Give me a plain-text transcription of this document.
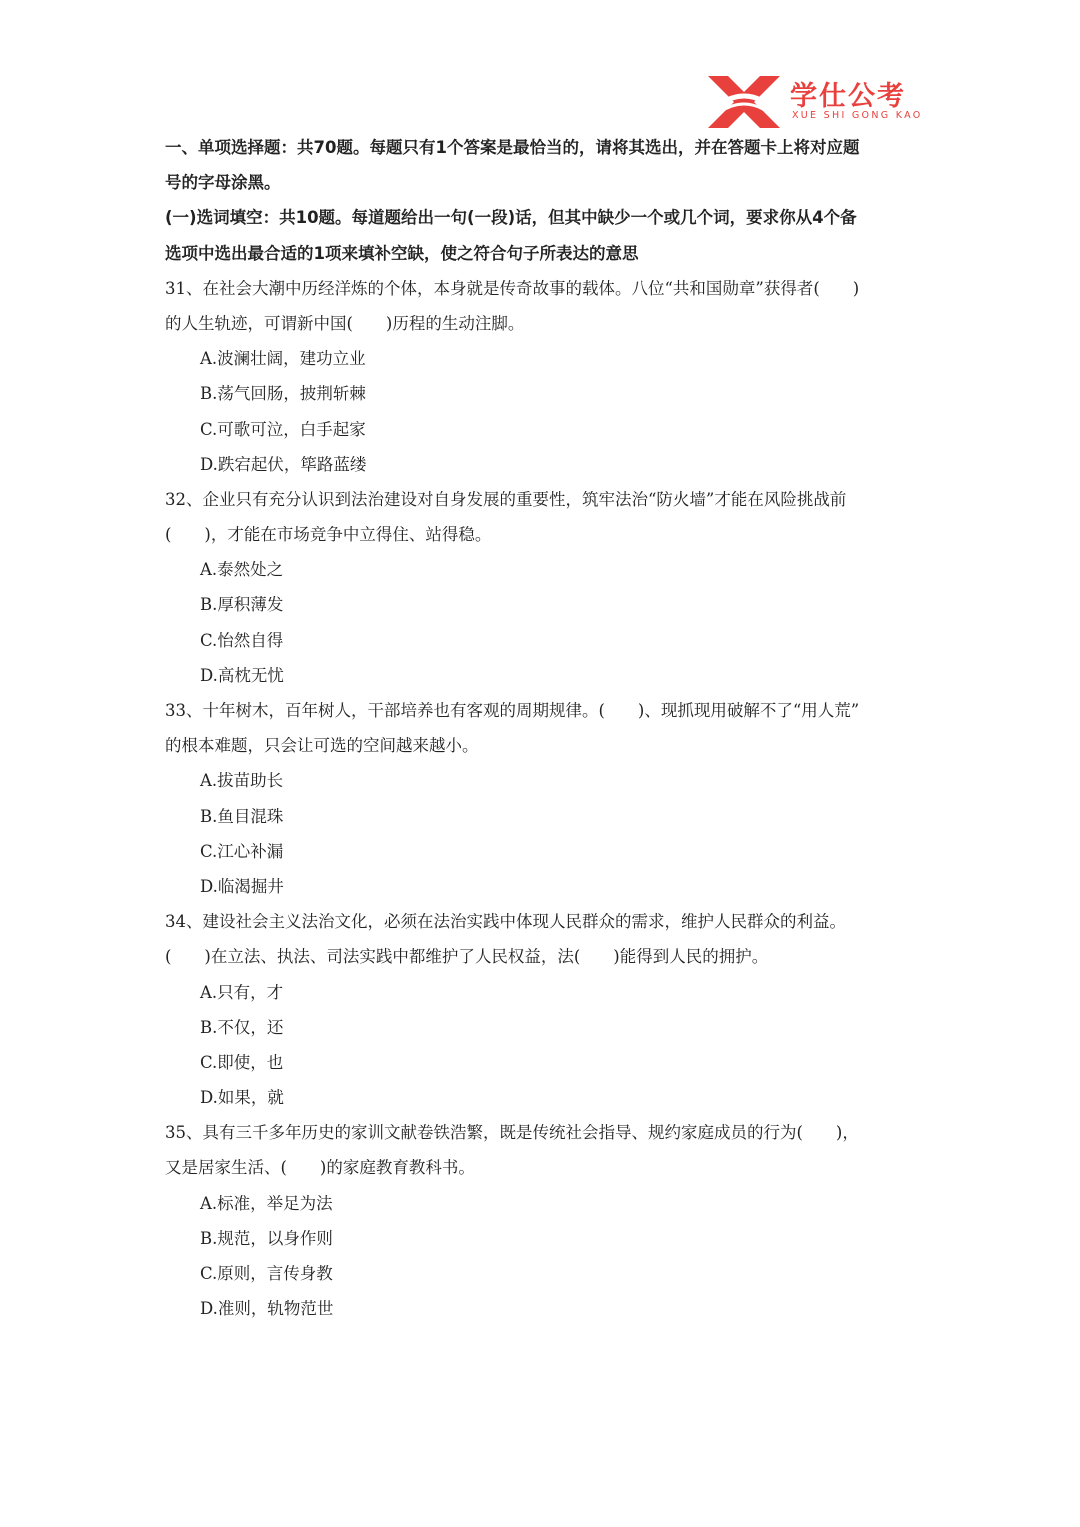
学仕公考
XUE SHI GONG KAO
一、单项选择题：共70题。每题只有1个答案是最恰当的，请将其选出，并在答题卡上将对应题
号的字母涂黑。
(一)选词填空：共10题。每道题给出一句(一段)话，但其中缺少一个或几个词，要求你从4个备
选项中选出最合适的1项来填补空缺，使之符合句子所表达的意思
31、在社会大潮中历经洋炼的个体，本身就是传奇故事的载体。八位“共和国勋章”获得者(　　)
的人生轨迹，可谓新中国(　　)历程的生动注脚。
A.波澜壮阔，建功立业
B.荡气回肠，披荆斩棘
C.可歌可泣，白手起家
D.跌宕起伏，筚路蓝缕
32、企业只有充分认识到法治建设对自身发展的重要性，筑牢法治“防火墙”才能在风险挑战前
(　　)，才能在市场竞争中立得住、站得稳。
A.泰然处之
B.厚积薄发
C.怡然自得
D.高枕无忧
33、十年树木，百年树人，干部培养也有客观的周期规律。(　　)、现抓现用破解不了“用人荒”
的根本难题，只会让可选的空间越来越小。
A.拔苗助长
B.鱼目混珠
C.江心补漏
D.临渴掘井
34、建设社会主义法治文化，必须在法治实践中体现人民群众的需求，维护人民群众的利益。
(　　)在立法、执法、司法实践中都维护了人民权益，法(　　)能得到人民的拥护。
A.只有，才
B.不仅，还
C.即使，也
D.如果，就
35、具有三千多年历史的家训文献卷铁浩繁，既是传统社会指导、规约家庭成员的行为(　　)，
又是居家生活、(　　)的家庭教育教科书。
A.标准，举足为法
B.规范，以身作则
C.原则，言传身教
D.准则，轨物范世
